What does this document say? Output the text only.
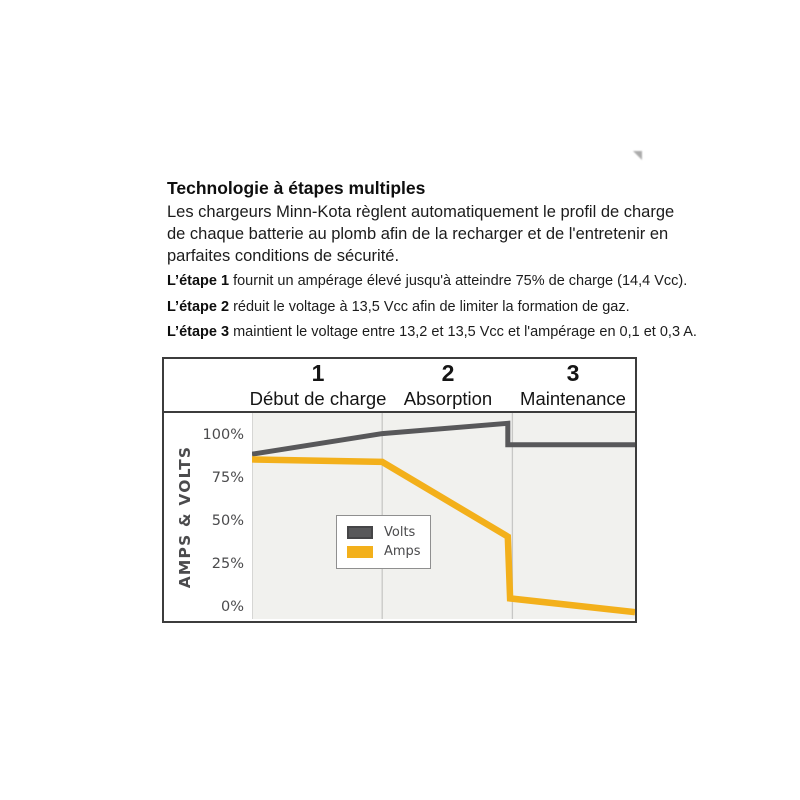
Technologie à étapes multiples
Les chargeurs Minn-Kota règlent automatiquement le profil de charge
de chaque batterie au plomb afin de la recharger et de l'entretenir en
parfaites conditions de sécurité.
L’étape 1 fournit un ampérage élevé jusqu'à atteindre 75% de charge (14,4 Vcc).
L’étape 2 réduit le voltage à 13,5 Vcc afin de limiter la formation de gaz.
L’étape 3 maintient le voltage entre 13,2 et 13,5 Vcc et l'ampérage en 0,1 et 0,3 A.
1
Début de charge
2
Absorption
3
Maintenance
AMPS & VOLTS
100%
75%
50%
25%
0%
Volts
Amps
